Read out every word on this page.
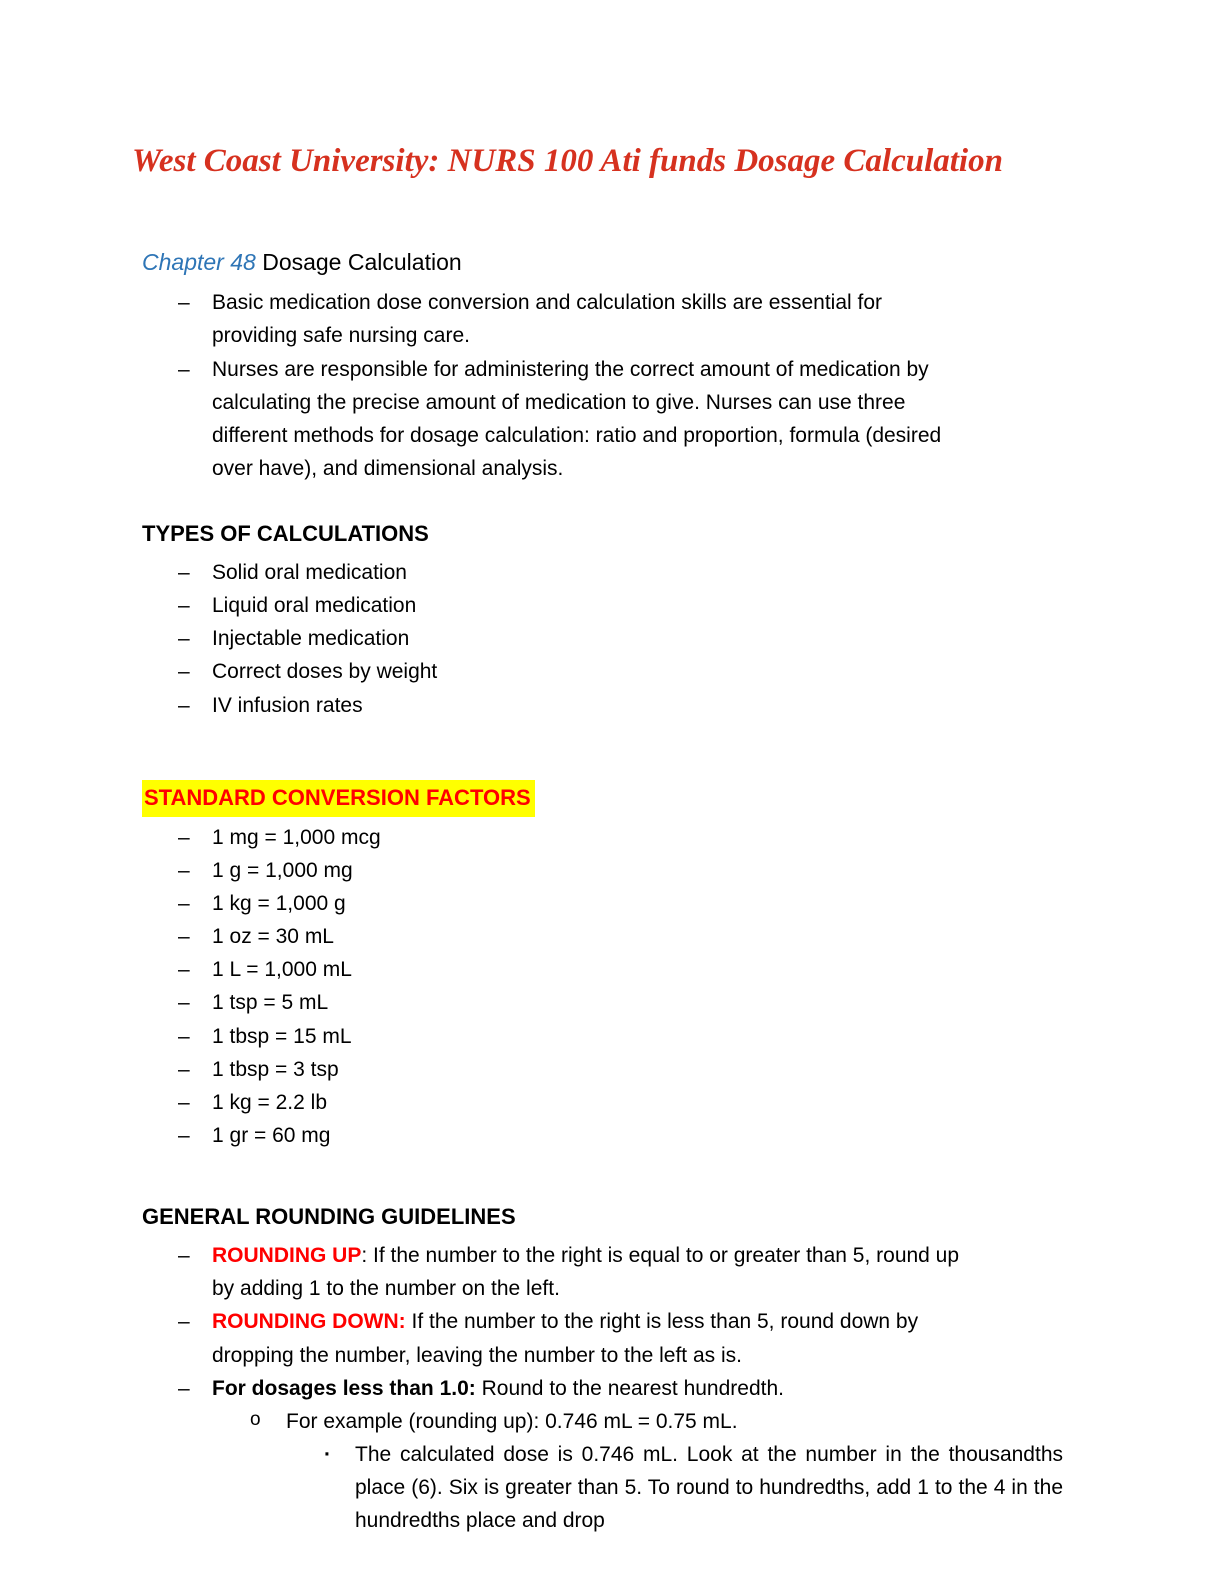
West Coast University: NURS 100 Ati funds Dosage Calculation
Chapter 48 Dosage Calculation
–	Basic medication dose conversion and calculation skills are essential for providing safe nursing care.
–	Nurses are responsible for administering the correct amount of medication by calculating the precise amount of medication to give. Nurses can use three different methods for dosage calculation: ratio and proportion, formula (desired over have), and dimensional analysis.
TYPES OF CALCULATIONS
–	Solid oral medication
–	Liquid oral medication
–	Injectable medication
–	Correct doses by weight
–	IV infusion rates
STANDARD CONVERSION FACTORS
–	1 mg = 1,000 mcg
–	1 g = 1,000 mg
–	1 kg = 1,000 g
–	1 oz = 30 mL
–	1 L = 1,000 mL
–	1 tsp = 5 mL
–	1 tbsp = 15 mL
–	1 tbsp = 3 tsp
–	1 kg = 2.2 lb
–	1 gr = 60 mg
GENERAL ROUNDING GUIDELINES
–	ROUNDING UP: If the number to the right is equal to or greater than 5, round up by adding 1 to the number on the left.
–	ROUNDING DOWN: If the number to the right is less than 5, round down by dropping the number, leaving the number to the left as is.
–	For dosages less than 1.0: Round to the nearest hundredth.
o	For example (rounding up): 0.746 mL = 0.75 mL.
·	The calculated dose is 0.746 mL. Look at the number in the thousandths place (6). Six is greater than 5. To round to hundredths, add 1 to the 4 in the hundredths place and drop
